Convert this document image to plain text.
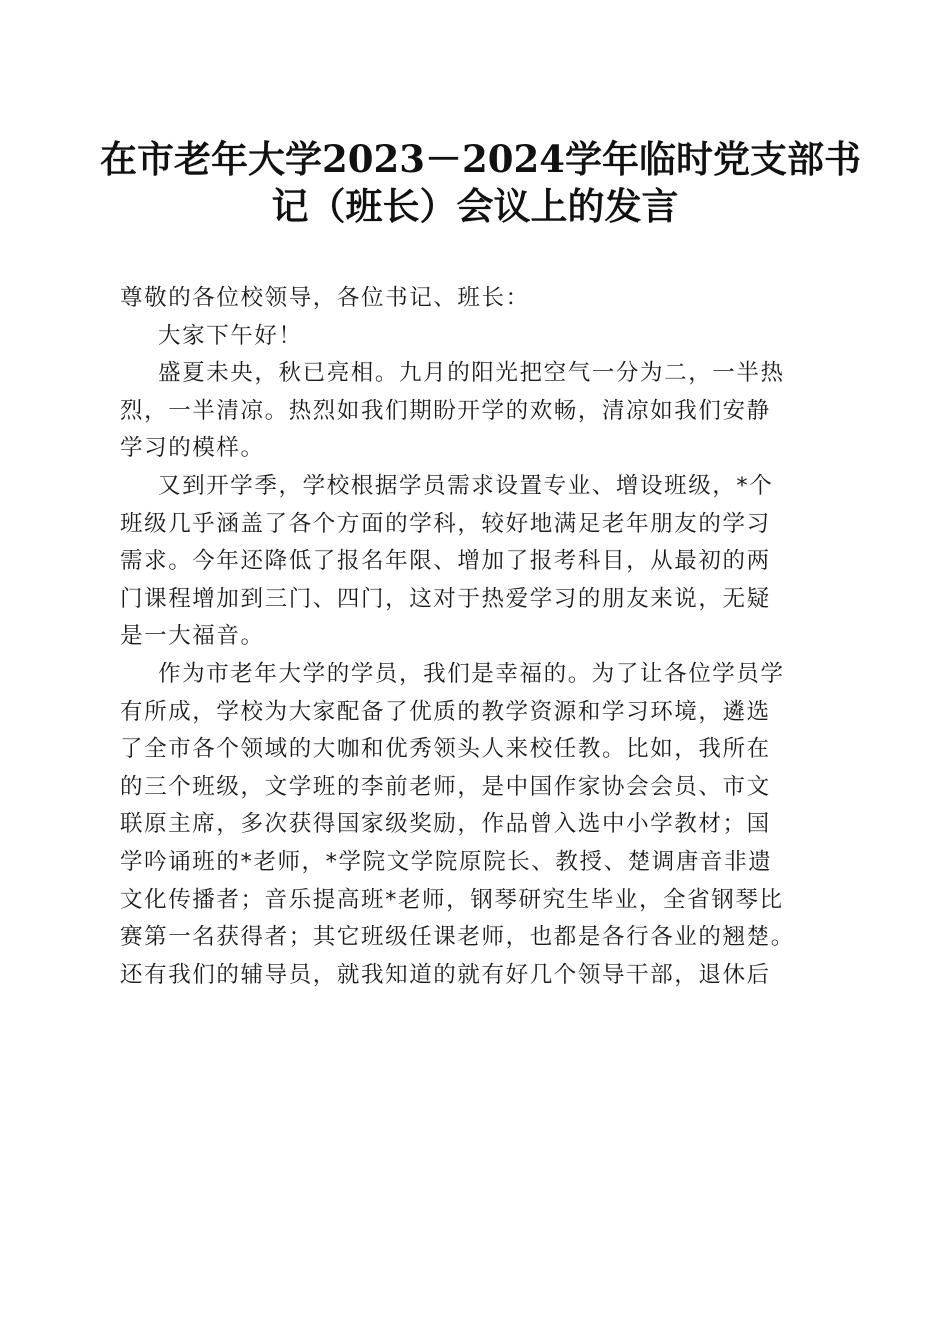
在市老年大学2023－2024学年临时党支部书
记（班长）会议上的发言
尊敬的各位校领导，各位书记、班长：
大家下午好！
盛夏未央，秋已亮相。九月的阳光把空气一分为二，一半热
烈，一半清凉。热烈如我们期盼开学的欢畅，清凉如我们安静
学习的模样。
又到开学季，学校根据学员需求设置专业、增设班级，*个
班级几乎涵盖了各个方面的学科，较好地满足老年朋友的学习
需求。今年还降低了报名年限、增加了报考科目，从最初的两
门课程增加到三门、四门，这对于热爱学习的朋友来说，无疑
是一大福音。
作为市老年大学的学员，我们是幸福的。为了让各位学员学
有所成，学校为大家配备了优质的教学资源和学习环境，遴选
了全市各个领域的大咖和优秀领头人来校任教。比如，我所在
的三个班级，文学班的李前老师，是中国作家协会会员、市文
联原主席，多次获得国家级奖励，作品曾入选中小学教材；国
学吟诵班的*老师，*学院文学院原院长、教授、楚调唐音非遗
文化传播者；音乐提高班*老师，钢琴研究生毕业，全省钢琴比
赛第一名获得者；其它班级任课老师，也都是各行各业的翘楚。
还有我们的辅导员，就我知道的就有好几个领导干部，退休后
